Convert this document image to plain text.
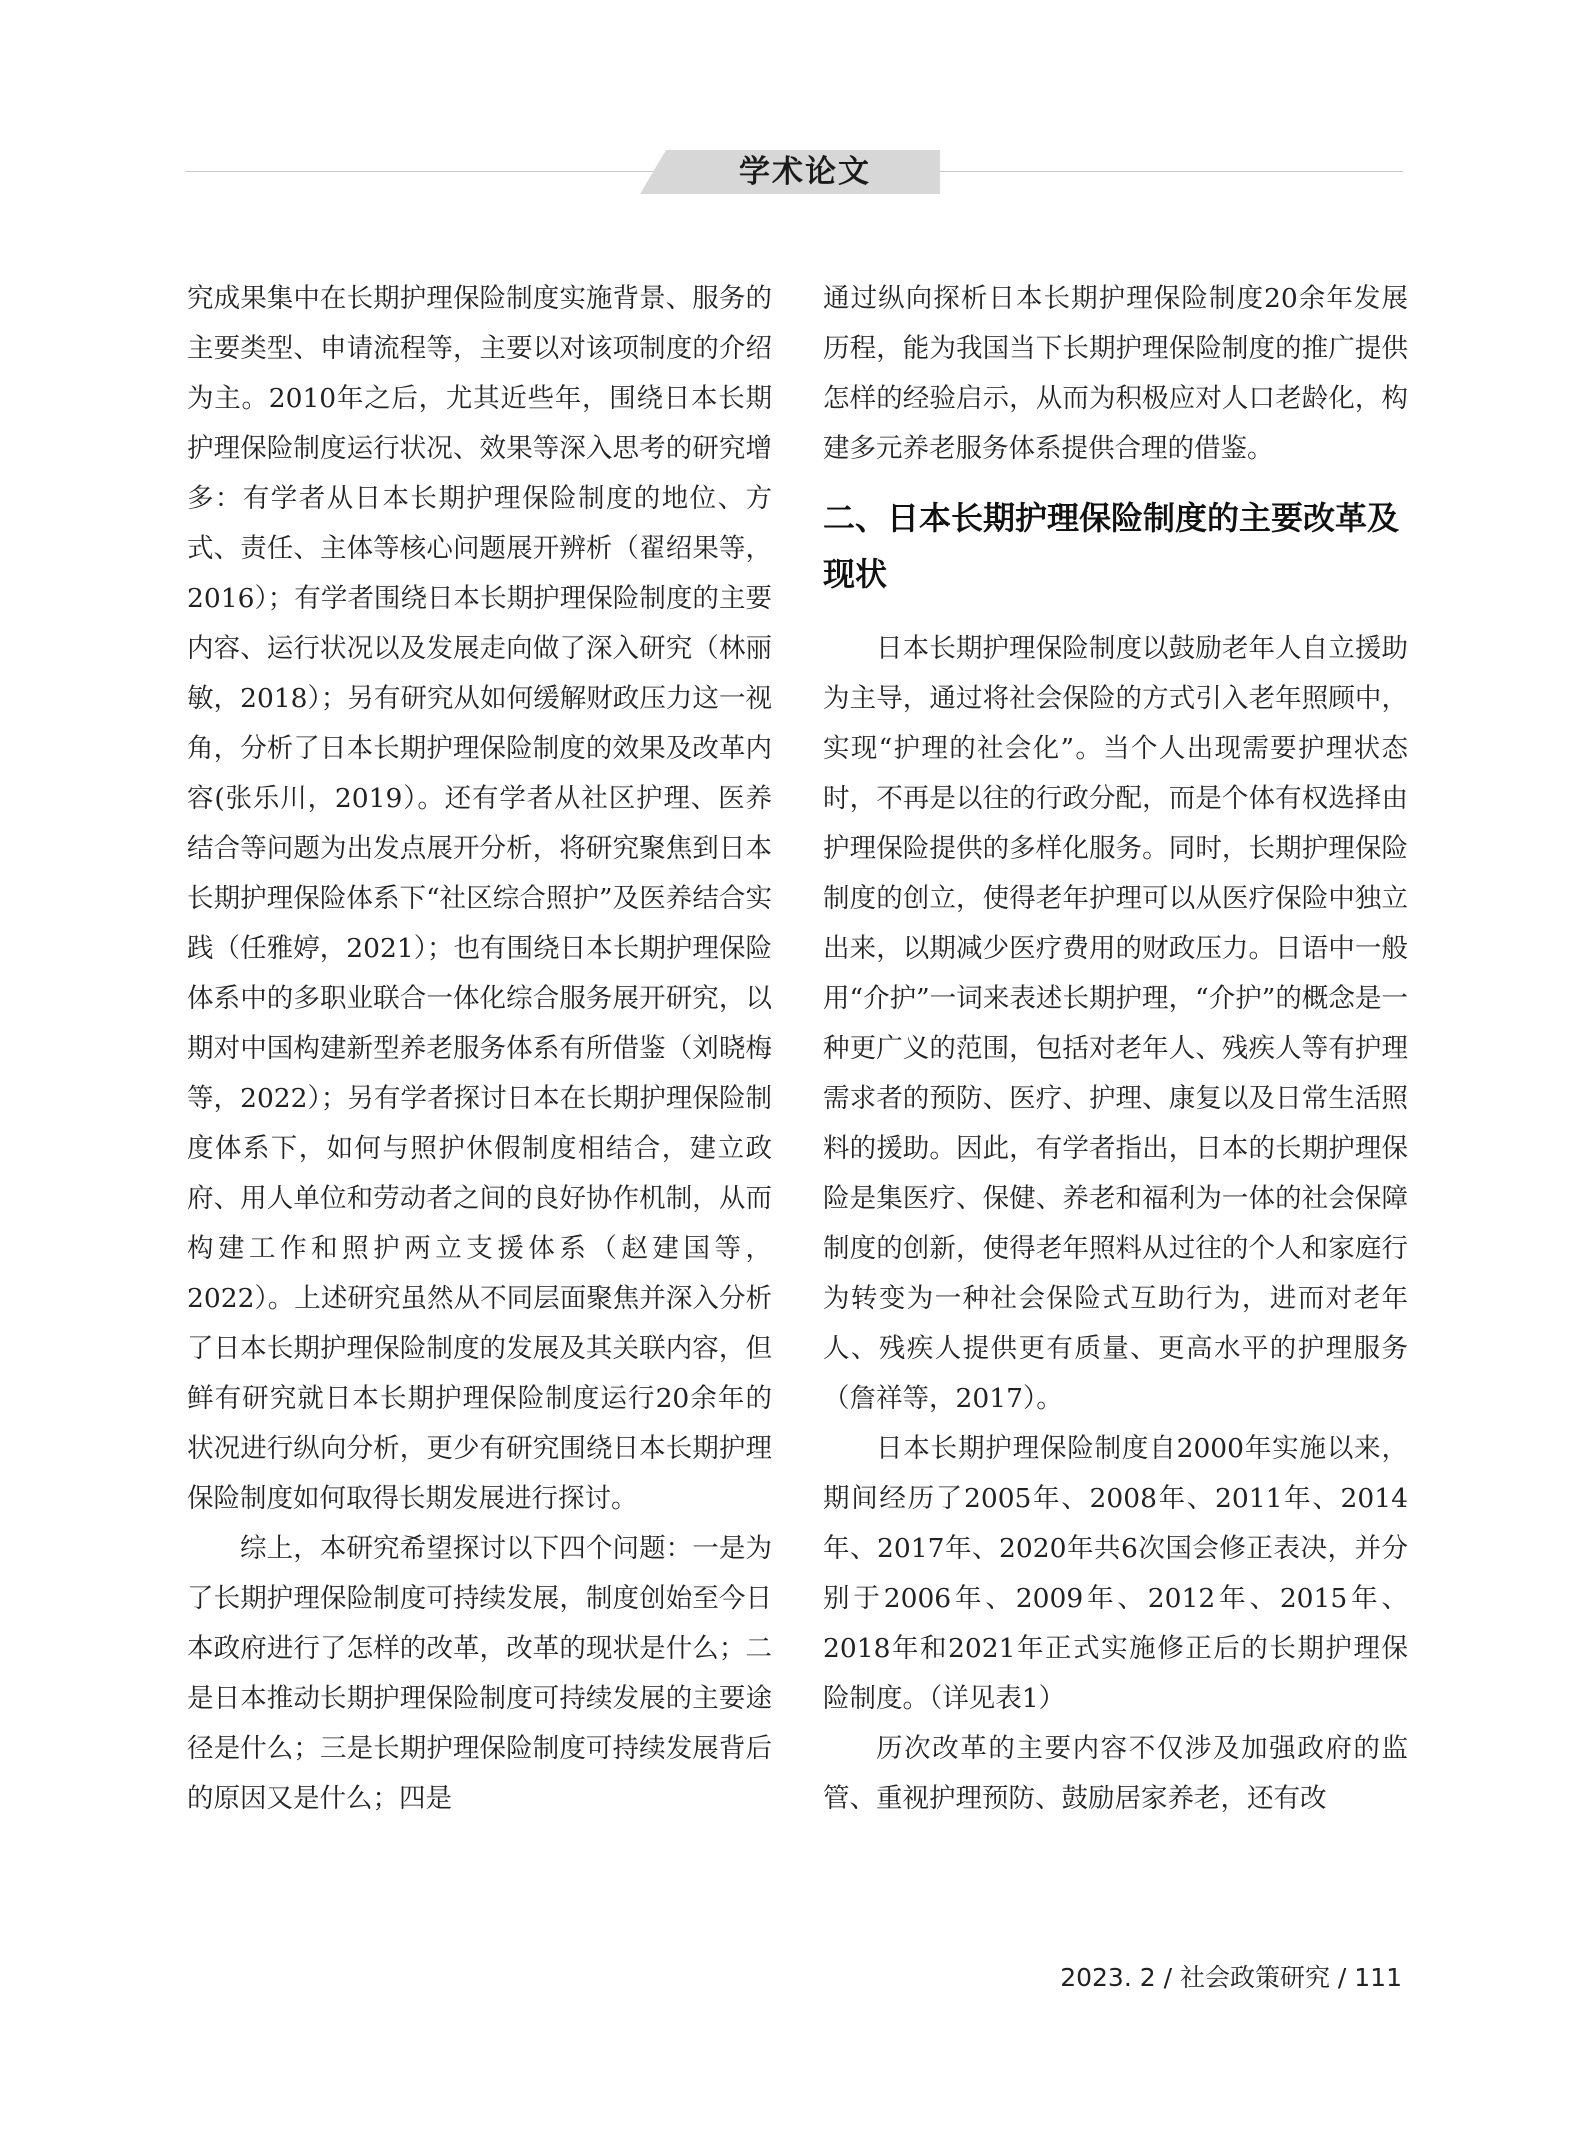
学术论文

究成果集中在长期护理保险制度实施背景、服务的主要类型、申请流程等，主要以对该项制度的介绍为主。2010年之后，尤其近些年，围绕日本长期护理保险制度运行状况、效果等深入思考的研究增多：有学者从日本长期护理保险制度的地位、方式、责任、主体等核心问题展开辨析（翟绍果等，2016）；有学者围绕日本长期护理保险制度的主要内容、运行状况以及发展走向做了深入研究（林丽敏，2018）；另有研究从如何缓解财政压力这一视角，分析了日本长期护理保险制度的效果及改革内容(张乐川，2019）。还有学者从社区护理、医养结合等问题为出发点展开分析，将研究聚焦到日本长期护理保险体系下“社区综合照护”及医养结合实践（任雅婷，2021）；也有围绕日本长期护理保险体系中的多职业联合一体化综合服务展开研究，以期对中国构建新型养老服务体系有所借鉴（刘晓梅等，2022）；另有学者探讨日本在长期护理保险制度体系下，如何与照护休假制度相结合，建立政府、用人单位和劳动者之间的良好协作机制，从而构建工作和照护两立支援体系（赵建国等，2022）。上述研究虽然从不同层面聚焦并深入分析了日本长期护理保险制度的发展及其关联内容，但鲜有研究就日本长期护理保险制度运行20余年的状况进行纵向分析，更少有研究围绕日本长期护理保险制度如何取得长期发展进行探讨。

综上，本研究希望探讨以下四个问题：一是为了长期护理保险制度可持续发展，制度创始至今日本政府进行了怎样的改革，改革的现状是什么；二是日本推动长期护理保险制度可持续发展的主要途径是什么；三是长期护理保险制度可持续发展背后的原因又是什么；四是

通过纵向探析日本长期护理保险制度20余年发展历程，能为我国当下长期护理保险制度的推广提供怎样的经验启示，从而为积极应对人口老龄化，构建多元养老服务体系提供合理的借鉴。

二、日本长期护理保险制度的主要改革及现状

日本长期护理保险制度以鼓励老年人自立援助为主导，通过将社会保险的方式引入老年照顾中，实现“护理的社会化”。当个人出现需要护理状态时，不再是以往的行政分配，而是个体有权选择由护理保险提供的多样化服务。同时，长期护理保险制度的创立，使得老年护理可以从医疗保险中独立出来，以期减少医疗费用的财政压力。日语中一般用“介护”一词来表述长期护理，“介护”的概念是一种更广义的范围，包括对老年人、残疾人等有护理需求者的预防、医疗、护理、康复以及日常生活照料的援助。因此，有学者指出，日本的长期护理保险是集医疗、保健、养老和福利为一体的社会保障制度的创新，使得老年照料从过往的个人和家庭行为转变为一种社会保险式互助行为，进而对老年人、残疾人提供更有质量、更高水平的护理服务（詹祥等，2017）。

日本长期护理保险制度自2000年实施以来，期间经历了2005年、2008年、2011年、2014年、2017年、2020年共6次国会修正表决，并分别于2006年、2009年、2012年、2015年、2018年和2021年正式实施修正后的长期护理保险制度。（详见表1）

历次改革的主要内容不仅涉及加强政府的监管、重视护理预防、鼓励居家养老，还有改

2023. 2 / 社会政策研究 / 111
